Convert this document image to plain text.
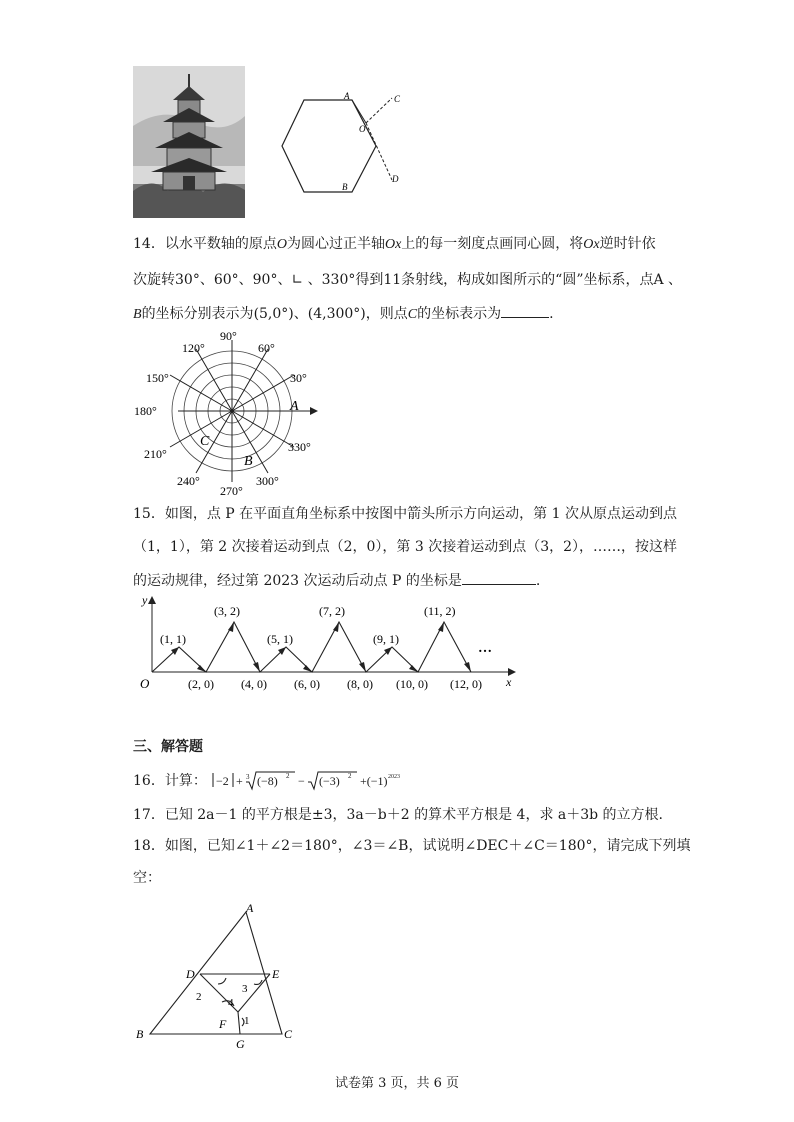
A
O
B
C
D
14．以水平数轴的原点O为圆心过正半轴Ox上的每一刻度点画同心圆，将Ox逆时针依
次旋转30°、60°、90°、∟ 、330°得到11条射线，构成如图所示的“圆”坐标系，点A 、
B的坐标分别表示为(5,0°)、(4,300°)，则点C的坐标表示为	.
90°
60°
30°
330°
300°
270°
240°
210°
180°
150°
120°
A
B
C
15．如图，点 P 在平面直角坐标系中按图中箭头所示方向运动，第 1 次从原点运动到点
（1，1），第 2 次接着运动到点（2，0），第 3 次接着运动到点（3，2），……，按这样
的运动规律，经过第 2023 次运动后动点 P 的坐标是	.
y
x
O
(1, 1)
(3, 2)
(5, 1)
(7, 2)
(9, 1)
(11, 2)
(2, 0) (4, 0) (6, 0) (8, 0) (10, 0) (12, 0)
…
三、解答题
16．计算： −2 + 3 (−8) 2 − (−3) 2 +(−1) 2023
17．已知 2a－1 的平方根是±3，3a－b＋2 的算术平方根是 4，求 a＋3b 的立方根.
18．如图，已知∠1＋∠2＝180°，∠3＝∠B，试说明∠DEC＋∠C＝180°，请完成下列填
空：
A
D	E
B
G
C
F 1
2
3
4
试卷第 3 页，共 6 页
